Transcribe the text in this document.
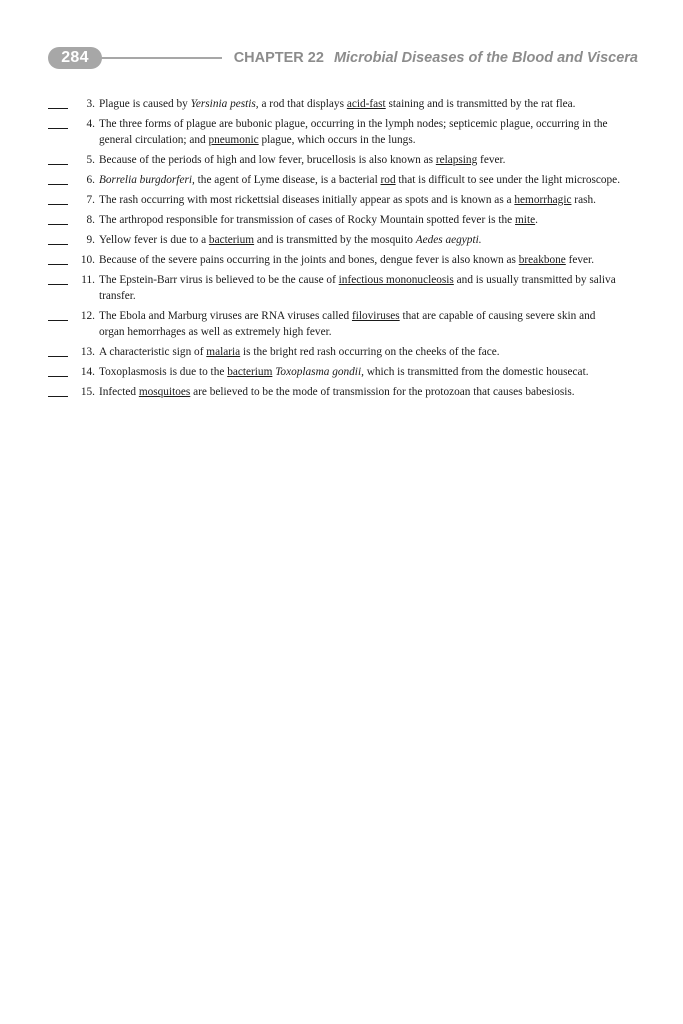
284	CHAPTER 22 Microbial Diseases of the Blood and Viscera
3. Plague is caused by Yersinia pestis, a rod that displays acid-fast staining and is transmitted by the rat flea.
4. The three forms of plague are bubonic plague, occurring in the lymph nodes; septicemic plague, occurring in the general circulation; and pneumonic plague, which occurs in the lungs.
5. Because of the periods of high and low fever, brucellosis is also known as relapsing fever.
6. Borrelia burgdorferi, the agent of Lyme disease, is a bacterial rod that is difficult to see under the light microscope.
7. The rash occurring with most rickettsial diseases initially appear as spots and is known as a hemorrhagic rash.
8. The arthropod responsible for transmission of cases of Rocky Mountain spotted fever is the mite.
9. Yellow fever is due to a bacterium and is transmitted by the mosquito Aedes aegypti.
10. Because of the severe pains occurring in the joints and bones, dengue fever is also known as breakbone fever.
11. The Epstein-Barr virus is believed to be the cause of infectious mononucleosis and is usually transmitted by saliva transfer.
12. The Ebola and Marburg viruses are RNA viruses called filoviruses that are capable of causing severe skin and organ hemorrhages as well as extremely high fever.
13. A characteristic sign of malaria is the bright red rash occurring on the cheeks of the face.
14. Toxoplasmosis is due to the bacterium Toxoplasma gondii, which is transmitted from the domestic housecat.
15. Infected mosquitoes are believed to be the mode of transmission for the protozoan that causes babesiosis.
